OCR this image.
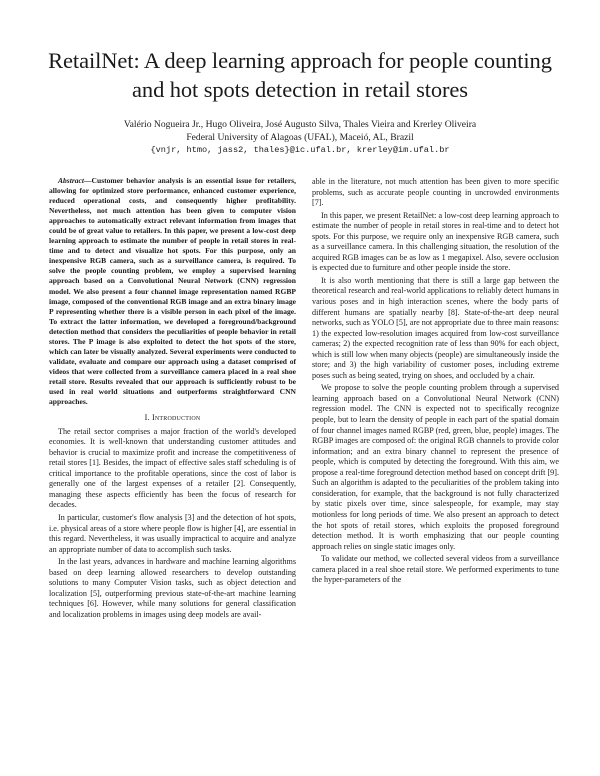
RetailNet: A deep learning approach for people counting and hot spots detection in retail stores
Valério Nogueira Jr., Hugo Oliveira, José Augusto Silva, Thales Vieira and Krerley Oliveira
Federal University of Alagoas (UFAL), Maceió, AL, Brazil
{vnjr, htmo, jass2, thales}@ic.ufal.br, krerley@im.ufal.br

Abstract—Customer behavior analysis is an essential issue for retailers, allowing for optimized store performance, enhanced customer experience, reduced operational costs, and consequently higher profitability. Nevertheless, not much attention has been given to computer vision approaches to automatically extract relevant information from images that could be of great value to retailers. In this paper, we present a low-cost deep learning approach to estimate the number of people in retail stores in real-time and to detect and visualize hot spots. For this purpose, only an inexpensive RGB camera, such as a surveillance camera, is required. To solve the people counting problem, we employ a supervised learning approach based on a Convolutional Neural Network (CNN) regression model. We also present a four channel image representation named RGBP image, composed of the conventional RGB image and an extra binary image P representing whether there is a visible person in each pixel of the image. To extract the latter information, we developed a foreground/background detection method that considers the peculiarities of people behavior in retail stores. The P image is also exploited to detect the hot spots of the store, which can later be visually analyzed. Several experiments were conducted to validate, evaluate and compare our approach using a dataset comprised of videos that were collected from a surveillance camera placed in a real shoe retail store. Results revealed that our approach is sufficiently robust to be used in real world situations and outperforms straightforward CNN approaches.

I. Introduction

The retail sector comprises a major fraction of the world's developed economies. It is well-known that understanding customer attitudes and behavior is crucial to maximize profit and increase the competitiveness of retail stores [1]. Besides, the impact of effective sales staff scheduling is of critical importance to the profitable operations, since the cost of labor is generally one of the largest expenses of a retailer [2]. Consequently, managing these aspects efficiently has been the focus of research for decades.

In particular, customer's flow analysis [3] and the detection of hot spots, i.e. physical areas of a store where people flow is higher [4], are essential in this regard. Nevertheless, it was usually impractical to acquire and analyze an appropriate number of data to accomplish such tasks.

In the last years, advances in hardware and machine learning algorithms based on deep learning allowed researchers to develop outstanding solutions to many Computer Vision tasks, such as object detection and localization [5], outperforming previous state-of-the-art machine learning techniques [6]. However, while many solutions for general classification and localization problems in images using deep models are avail-

able in the literature, not much attention has been given to more specific problems, such as accurate people counting in uncrowded environments [7].

In this paper, we present RetailNet: a low-cost deep learning approach to estimate the number of people in retail stores in real-time and to detect hot spots. For this purpose, we require only an inexpensive RGB camera, such as a surveillance camera. In this challenging situation, the resolution of the acquired RGB images can be as low as 1 megapixel. Also, severe occlusion is expected due to furniture and other people inside the store.

It is also worth mentioning that there is still a large gap between the theoretical research and real-world applications to reliably detect humans in various poses and in high interaction scenes, where the body parts of different humans are spatially nearby [8]. State-of-the-art deep neural networks, such as YOLO [5], are not appropriate due to three main reasons: 1) the expected low-resolution images acquired from low-cost surveillance cameras; 2) the expected recognition rate of less than 90% for each object, which is still low when many objects (people) are simultaneously inside the store; and 3) the high variability of customer poses, including extreme poses such as being seated, trying on shoes, and occluded by a chair.

We propose to solve the people counting problem through a supervised learning approach based on a Convolutional Neural Network (CNN) regression model. The CNN is expected not to specifically recognize people, but to learn the density of people in each part of the spatial domain of four channel images named RGBP (red, green, blue, people) images. The RGBP images are composed of: the original RGB channels to provide color information; and an extra binary channel to represent the presence of people, which is computed by detecting the foreground. With this aim, we propose a real-time foreground detection method based on concept drift [9]. Such an algorithm is adapted to the peculiarities of the problem taking into consideration, for example, that the background is not fully characterized by static pixels over time, since salespeople, for example, may stay motionless for long periods of time. We also present an approach to detect the hot spots of retail stores, which exploits the proposed foreground detection method. It is worth emphasizing that our people counting approach relies on single static images only.

To validate our method, we collected several videos from a surveillance camera placed in a real shoe retail store. We performed experiments to tune the hyper-parameters of the
